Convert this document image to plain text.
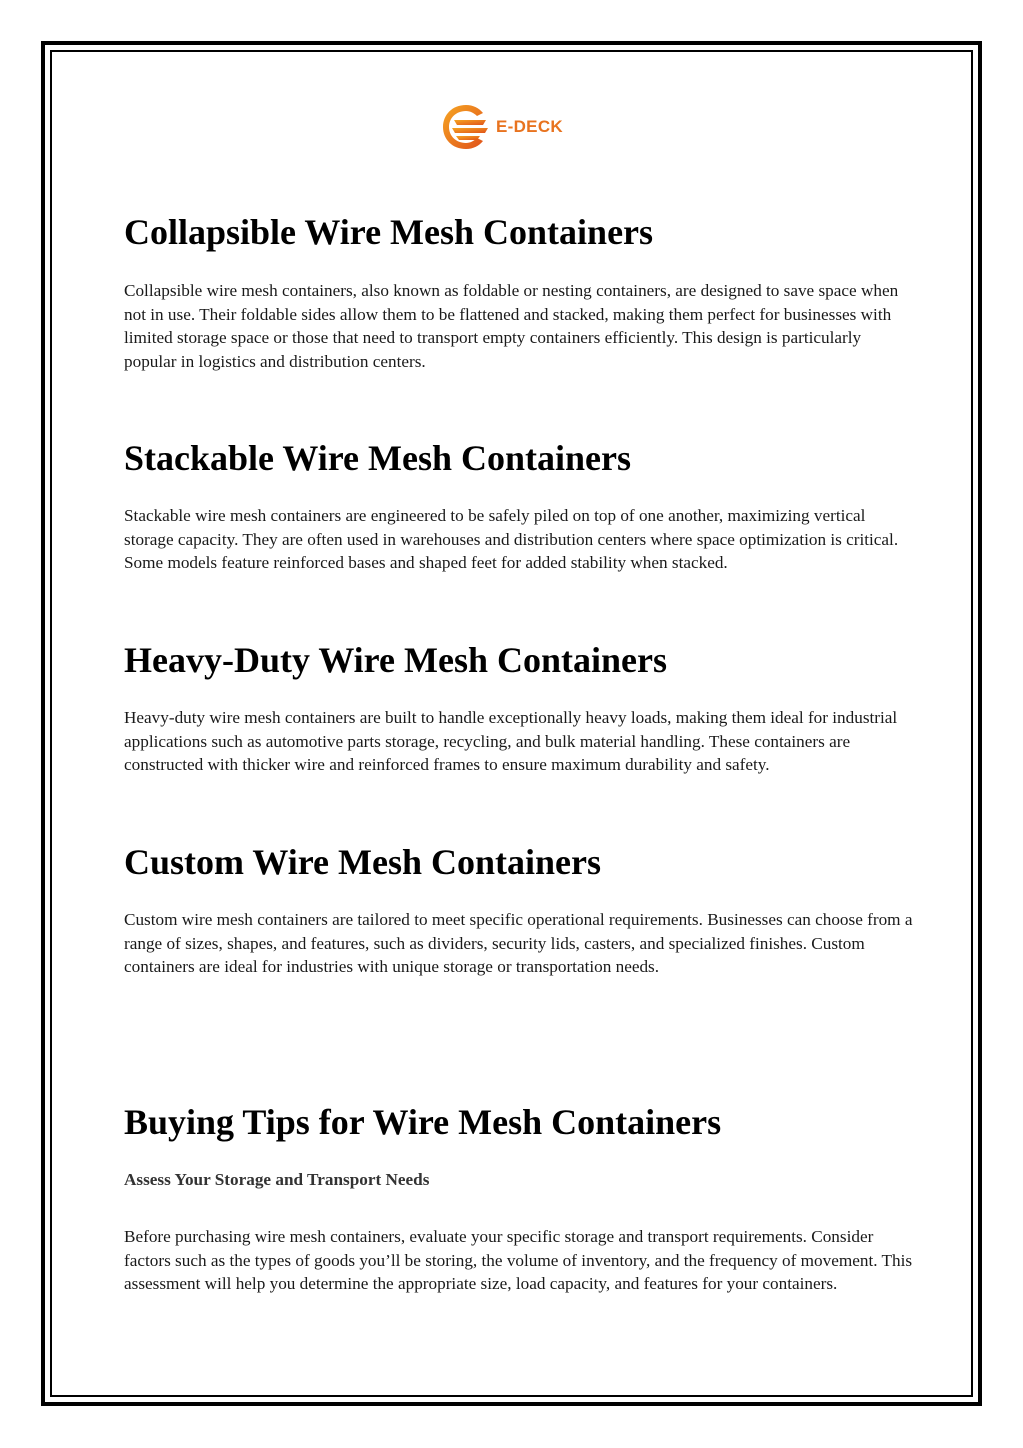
E-DECK
Collapsible Wire Mesh Containers

Collapsible wire mesh containers, also known as foldable or nesting containers, are designed to save space when not in use. Their foldable sides allow them to be flattened and stacked, making them perfect for businesses with limited storage space or those that need to transport empty containers efficiently. This design is particularly popular in logistics and distribution centers.

Stackable Wire Mesh Containers

Stackable wire mesh containers are engineered to be safely piled on top of one another, maximizing vertical storage capacity. They are often used in warehouses and distribution centers where space optimization is critical. Some models feature reinforced bases and shaped feet for added stability when stacked.

Heavy-Duty Wire Mesh Containers

Heavy-duty wire mesh containers are built to handle exceptionally heavy loads, making them ideal for industrial applications such as automotive parts storage, recycling, and bulk material handling. These containers are constructed with thicker wire and reinforced frames to ensure maximum durability and safety.

Custom Wire Mesh Containers

Custom wire mesh containers are tailored to meet specific operational requirements. Businesses can choose from a range of sizes, shapes, and features, such as dividers, security lids, casters, and specialized finishes. Custom containers are ideal for industries with unique storage or transportation needs.

Buying Tips for Wire Mesh Containers
Assess Your Storage and Transport Needs

Before purchasing wire mesh containers, evaluate your specific storage and transport requirements. Consider factors such as the types of goods you’ll be storing, the volume of inventory, and the frequency of movement. This assessment will help you determine the appropriate size, load capacity, and features for your containers.
